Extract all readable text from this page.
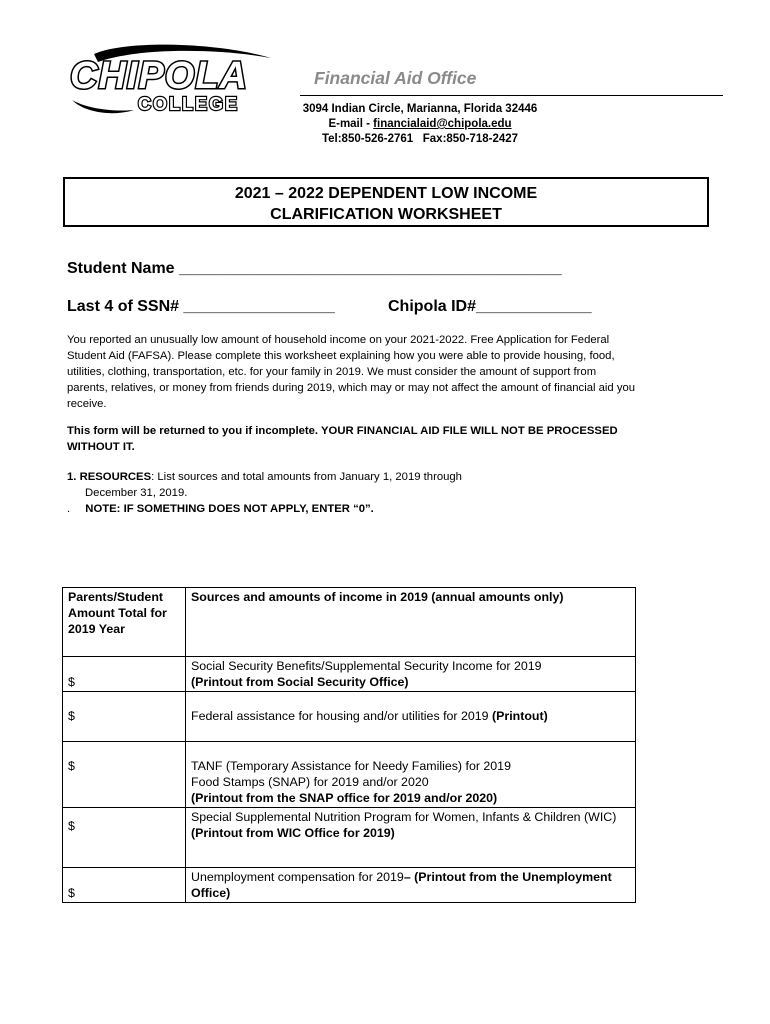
CHIPOLA
COLLEGE
Financial Aid Office
3094 Indian Circle, Marianna, Florida 32446
E-mail - financialaid@chipola.edu
Tel:850-526-2761   Fax:850-718-2427
2021 – 2022 DEPENDENT LOW INCOME
CLARIFICATION WORKSHEET
Student Name ___________________________________________
Last 4 of SSN# _________________	Chipola ID#_____________
You reported an unusually low amount of household income on your 2021-2022. Free Application for Federal
Student Aid (FAFSA). Please complete this worksheet explaining how you were able to provide housing, food,
utilities, clothing, transportation, etc. for your family in 2019. We must consider the amount of support from
parents, relatives, or money from friends during 2019, which may or may not affect the amount of financial aid you
receive.
This form will be returned to you if incomplete. YOUR FINANCIAL AID FILE WILL NOT BE PROCESSED
WITHOUT IT.
1. RESOURCES: List sources and total amounts from January 1, 2019 through
December 31, 2019.
. NOTE: IF SOMETHING DOES NOT APPLY, ENTER “0”.
Parents/Student Amount Total for 2019 Year	Sources and amounts of income in 2019 (annual amounts only)
$	Social Security Benefits/Supplemental Security Income for 2019
(Printout from Social Security Office)

$	Federal assistance for housing and/or utilities for 2019 (Printout)
$	TANF (Temporary Assistance for Needy Families) for 2019
Food Stamps (SNAP) for 2019 and/or 2020
(Printout from the SNAP office for 2019 and/or 2020)

$	Special Supplemental Nutrition Program for Women, Infants & Children (WIC)
(Printout from WIC Office for 2019)

$	Unemployment compensation for 2019– (Printout from the Unemployment Office)
